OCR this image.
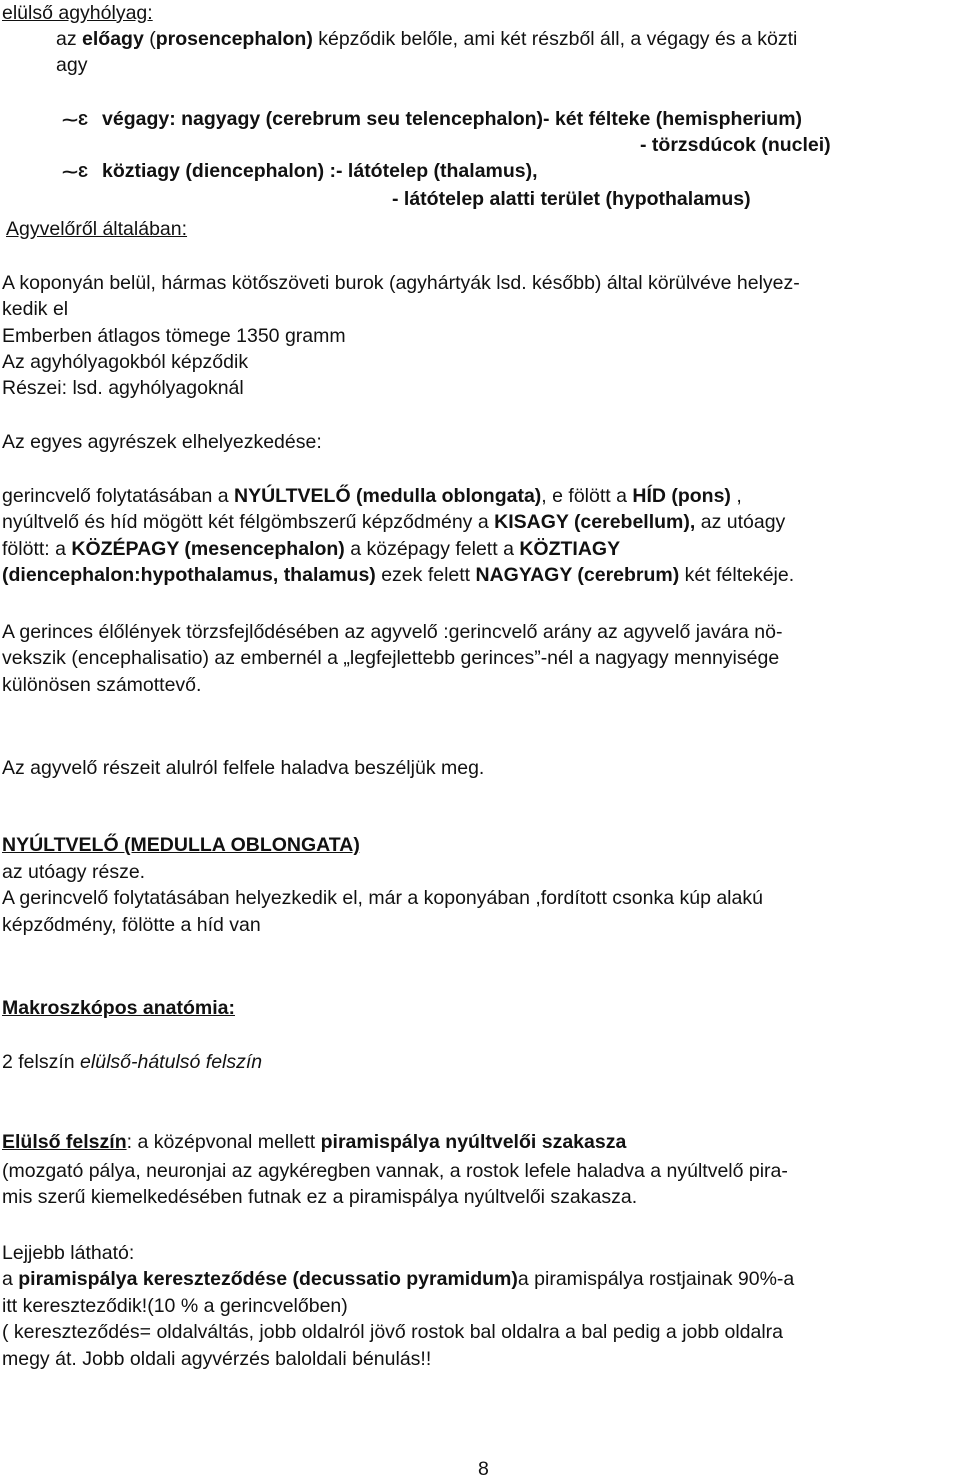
elülső agyhólyag:
az előagy (prosencephalon) képződik belőle, ami két részből áll, a végagy és a közti
agy
⁓Ɛ végagy: nagyagy (cerebrum seu telencephalon)- két félteke (hemispherium)
- törzsdúcok (nuclei)
⁓Ɛ köztiagy (diencephalon) :- látótelep (thalamus),
- látótelep alatti terület (hypothalamus)
Agyvelőről általában:
A koponyán belül, hármas kötőszöveti burok (agyhártyák lsd. később) által körülvéve helyez-
kedik el
Emberben átlagos tömege 1350 gramm
Az agyhólyagokból képződik
Részei: lsd. agyhólyagoknál
Az egyes agyrészek elhelyezkedése:
gerincvelő folytatásában a NYÚLTVELŐ (medulla oblongata), e fölött a HÍD (pons) ,
nyúltvelő és híd mögött két félgömbszerű képződmény a KISAGY (cerebellum), az utóagy
fölött: a KÖZÉPAGY (mesencephalon) a középagy felett a KÖZTIAGY
(diencephalon:hypothalamus, thalamus) ezek felett NAGYAGY (cerebrum) két féltekéje.
A gerinces élőlények törzsfejlődésében az agyvelő :gerincvelő arány az agyvelő javára nö-
vekszik (encephalisatio) az embernél a „legfejlettebb gerinces”-nél a nagyagy mennyisége
különösen számottevő.
Az agyvelő részeit alulról felfele haladva beszéljük meg.
NYÚLTVELŐ (MEDULLA OBLONGATA)
az utóagy része.
A gerincvelő folytatásában helyezkedik el, már a koponyában ,fordított csonka kúp alakú
képződmény, fölötte a híd van
Makroszkópos anatómia:
2 felszín elülső-hátulsó felszín
Elülső felszín: a középvonal mellett piramispálya nyúltvelői szakasza
(mozgató pálya, neuronjai az agykéregben vannak, a rostok lefele haladva a nyúltvelő pira-
mis szerű kiemelkedésében futnak ez a piramispálya nyúltvelői szakasza.
Lejjebb látható:
a piramispálya kereszteződése (decussatio pyramidum)a piramispálya rostjainak 90%-a
itt kereszteződik!(10 % a gerincvelőben)
( kereszteződés= oldalváltás, jobb oldalról jövő rostok bal oldalra a bal pedig a jobb oldalra
megy át. Jobb oldali agyvérzés baloldali bénulás!!
8
